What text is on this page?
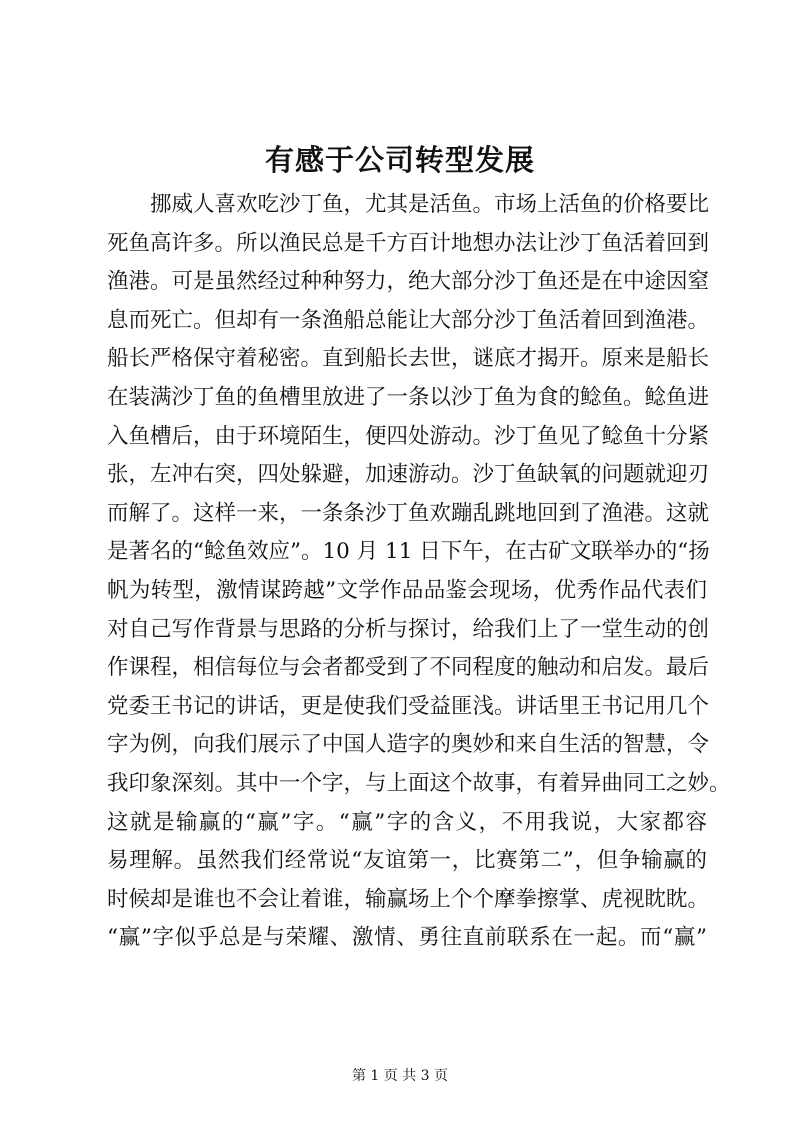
有感于公司转型发展
挪威人喜欢吃沙丁鱼，尤其是活鱼。市场上活鱼的价格要比
死鱼高许多。所以渔民总是千方百计地想办法让沙丁鱼活着回到
渔港。可是虽然经过种种努力，绝大部分沙丁鱼还是在中途因窒
息而死亡。但却有一条渔船总能让大部分沙丁鱼活着回到渔港。
船长严格保守着秘密。直到船长去世，谜底才揭开。原来是船长
在装满沙丁鱼的鱼槽里放进了一条以沙丁鱼为食的鲶鱼。鲶鱼进
入鱼槽后，由于环境陌生，便四处游动。沙丁鱼见了鲶鱼十分紧
张，左冲右突，四处躲避，加速游动。沙丁鱼缺氧的问题就迎刃
而解了。这样一来，一条条沙丁鱼欢蹦乱跳地回到了渔港。这就
是著名的“鲶鱼效应”。10 月 11 日下午，在古矿文联举办的“扬
帆为转型，激情谋跨越”文学作品品鉴会现场，优秀作品代表们
对自己写作背景与思路的分析与探讨，给我们上了一堂生动的创
作课程，相信每位与会者都受到了不同程度的触动和启发。最后
党委王书记的讲话，更是使我们受益匪浅。讲话里王书记用几个
字为例，向我们展示了中国人造字的奥妙和来自生活的智慧，令
我印象深刻。其中一个字，与上面这个故事，有着异曲同工之妙。
这就是输赢的“赢”字。“赢”字的含义，不用我说，大家都容
易理解。虽然我们经常说“友谊第一，比赛第二”，但争输赢的
时候却是谁也不会让着谁，输赢场上个个摩拳擦掌、虎视眈眈。
“赢”字似乎总是与荣耀、激情、勇往直前联系在一起。而“赢”
第 1 页 共 3 页
